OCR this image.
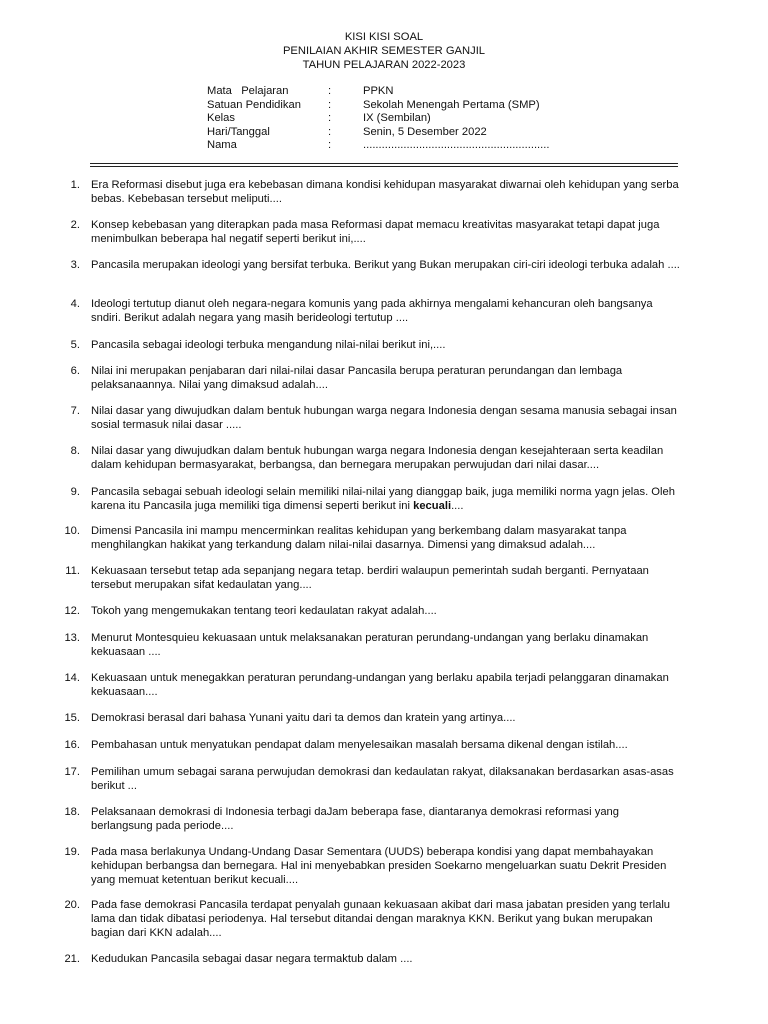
KISI KISI SOAL
PENILAIAN AKHIR SEMESTER GANJIL
TAHUN PELAJARAN 2022-2023
Mata   Pelajaran	:	PPKN
Satuan Pendidikan :	Sekolah Menengah Pertama (SMP)
Kelas	:	IX (Sembilan)
Hari/Tanggal	:	Senin, 5 Desember 2022
Nama	:	............................................................
1. Era Reformasi disebut juga era kebebasan dimana kondisi kehidupan masyarakat diwarnai oleh kehidupan yang serba bebas. Kebebasan tersebut meliputi....
2. Konsep kebebasan yang diterapkan pada masa Reformasi dapat memacu kreativitas masyarakat tetapi dapat juga menimbulkan beberapa hal negatif seperti berikut ini,....
3. Pancasila merupakan ideologi yang bersifat terbuka. Berikut yang Bukan merupakan ciri-ciri ideologi terbuka adalah ....
4. Ideologi tertutup dianut oleh negara-negara komunis yang pada akhirnya mengalami kehancuran oleh bangsanya sndiri. Berikut adalah negara yang masih berideologi tertutup ....
5. Pancasila sebagai ideologi terbuka mengandung nilai-nilai berikut ini,....
6. Nilai ini merupakan penjabaran dari nilai-nilai dasar Pancasila berupa peraturan perundangan dan lembaga pelaksanaannya. Nilai yang dimaksud adalah....
7. Nilai dasar yang diwujudkan dalam bentuk hubungan warga negara Indonesia dengan sesama manusia sebagai insan sosial termasuk nilai dasar .....
8. Nilai dasar yang diwujudkan dalam bentuk hubungan warga negara Indonesia dengan kesejahteraan serta keadilan dalam kehidupan bermasyarakat, berbangsa, dan bernegara merupakan perwujudan dari nilai dasar....
9. Pancasila sebagai sebuah ideologi selain memiliki nilai-nilai yang dianggap baik, juga memiliki norma yagn jelas. Oleh karena itu Pancasila juga memiliki tiga dimensi seperti berikut ini kecuali....
10. Dimensi Pancasila ini mampu mencerminkan realitas kehidupan yang berkembang dalam masyarakat tanpa menghilangkan hakikat yang terkandung dalam nilai-nilai dasarnya. Dimensi yang dimaksud adalah....
11. Kekuasaan tersebut tetap ada sepanjang negara tetap. berdiri walaupun pemerintah sudah berganti. Pernyataan tersebut merupakan sifat kedaulatan yang....
12. Tokoh yang mengemukakan tentang teori kedaulatan rakyat adalah....
13. Menurut Montesquieu kekuasaan untuk melaksanakan peraturan perundang-undangan yang berlaku dinamakan kekuasaan ....
14. Kekuasaan untuk menegakkan peraturan perundang-undangan yang berlaku apabila terjadi pelanggaran dinamakan kekuasaan....
15. Demokrasi berasal dari bahasa Yunani yaitu dari ta demos dan kratein yang artinya....
16. Pembahasan untuk menyatukan pendapat dalam menyelesaikan masalah bersama dikenal dengan istilah....
17. Pemilihan umum sebagai sarana perwujudan demokrasi dan kedaulatan rakyat, dilaksanakan berdasarkan asas-asas berikut ...
18. Pelaksanaan demokrasi di Indonesia terbagi daJam beberapa fase, diantaranya demokrasi reformasi yang berlangsung pada periode....
19. Pada masa berlakunya Undang-Undang Dasar Sementara (UUDS) beberapa kondisi yang dapat membahayakan kehidupan berbangsa dan bernegara. Hal ini menyebabkan presiden Soekarno mengeluarkan suatu Dekrit Presiden yang memuat ketentuan berikut kecuali....
20. Pada fase demokrasi Pancasila terdapat penyalah gunaan kekuasaan akibat dari masa jabatan presiden yang terlalu lama dan tidak dibatasi periodenya. Hal tersebut ditandai dengan maraknya KKN. Berikut yang bukan merupakan bagian dari KKN adalah....
21. Kedudukan Pancasila sebagai dasar negara termaktub dalam ....
